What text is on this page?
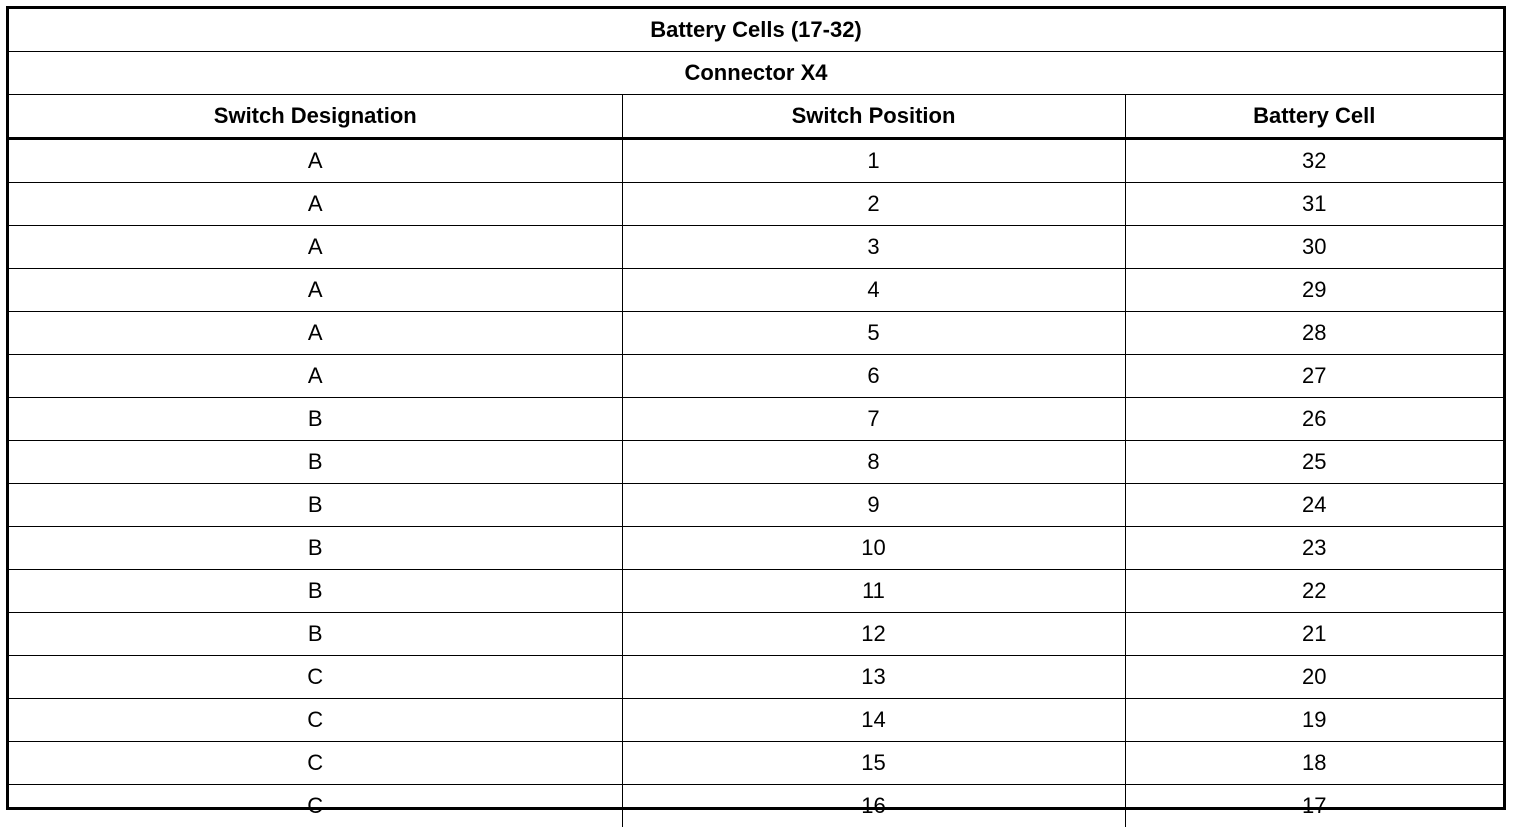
Battery Cells (17-32)		
Connector X4		
Switch Designation	Switch Position	Battery Cell
A	1	32
A	2	31
A	3	30
A	4	29
A	5	28
A	6	27
B	7	26
B	8	25
B	9	24
B	10	23
B	11	22
B	12	21
C	13	20
C	14	19
C	15	18
C	16	17
